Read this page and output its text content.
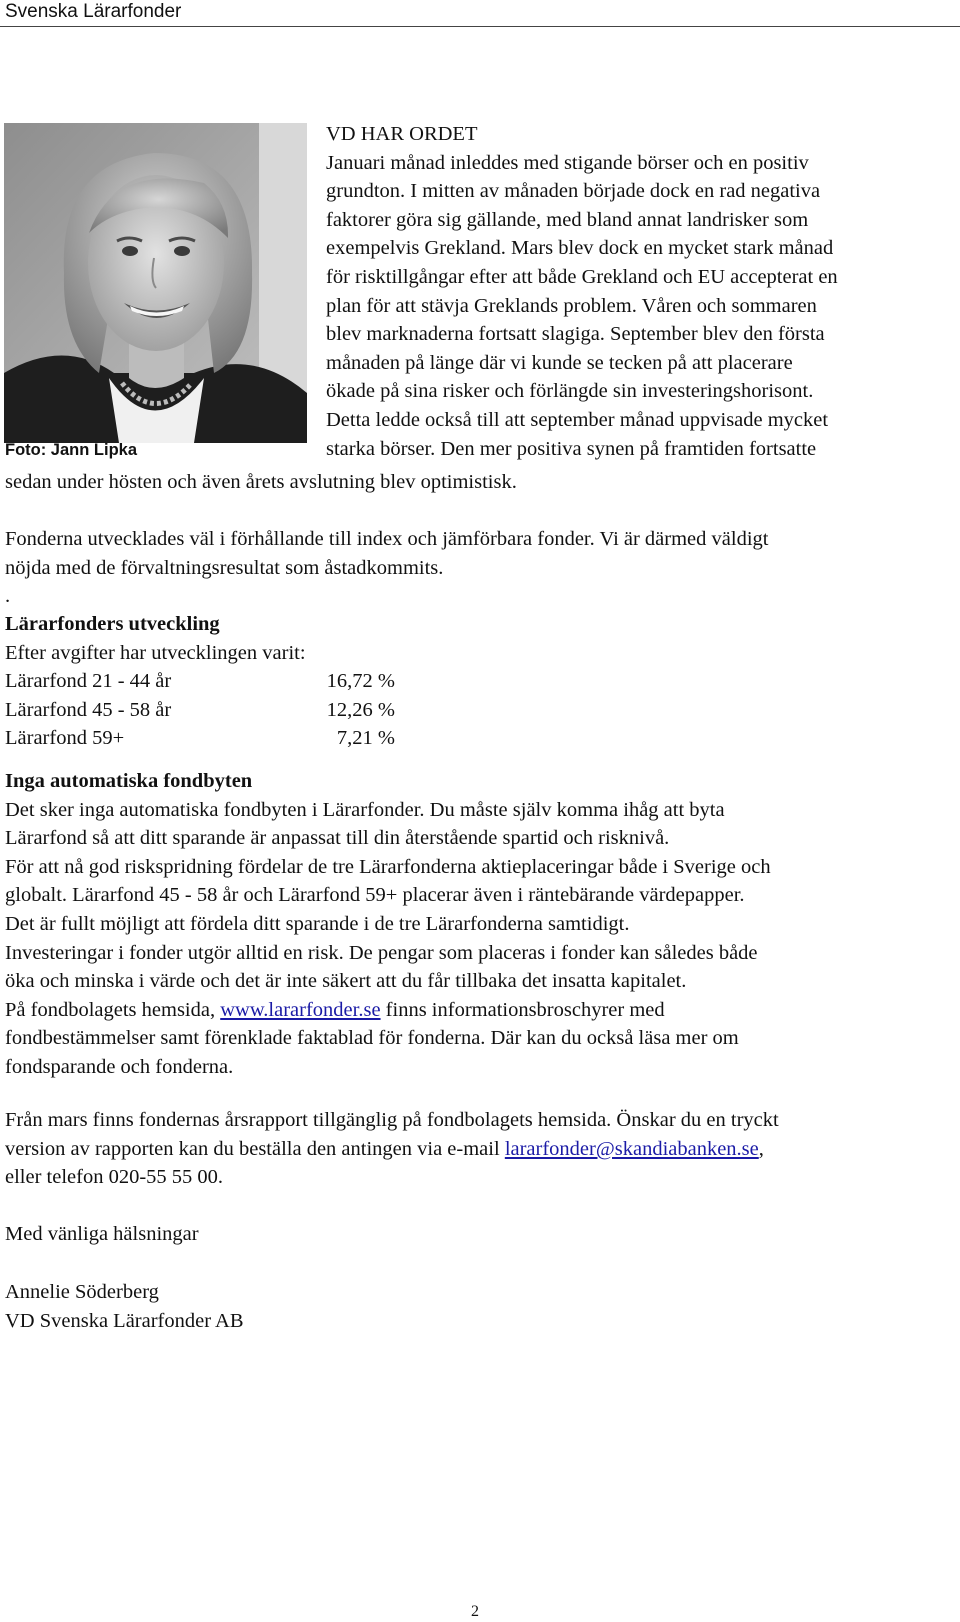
Svenska Lärarfonder
Foto: Jann Lipka

VD HAR ORDET

Januari månad inleddes med stigande börser och en positiv

grundton. I mitten av månaden började dock en rad negativa

faktorer göra sig gällande, med bland annat landrisker som

exempelvis Grekland. Mars blev dock en mycket stark månad

för risktillgångar efter att både Grekland och EU accepterat en

plan för att stävja Greklands problem. Våren och sommaren

blev marknaderna fortsatt slagiga. September blev den första

månaden på länge där vi kunde se tecken på att placerare

ökade på sina risker och förlängde sin investeringshorisont.

Detta ledde också till att september månad uppvisade mycket

starka börser. Den mer positiva synen på framtiden fortsatte

sedan under hösten och även årets avslutning blev optimistisk.

Fonderna utvecklades väl i förhållande till index och jämförbara fonder. Vi är därmed väldigt

nöjda med de förvaltningsresultat som åstadkommits.

.

Lärarfonders utveckling

Efter avgifter har utvecklingen varit:

Lärarfond 21 - 44 år	16,72 %
Lärarfond 45 - 58 år	12,26 %
Lärarfond 59+	7,21 %

Inga automatiska fondbyten

Det sker inga automatiska fondbyten i Lärarfonder. Du måste själv komma ihåg att byta

Lärarfond så att ditt sparande är anpassat till din återstående spartid och risknivå.

För att nå god riskspridning fördelar de tre Lärarfonderna aktieplaceringar både i Sverige och

globalt. Lärarfond 45 - 58 år och Lärarfond 59+ placerar även i räntebärande värdepapper.

Det är fullt möjligt att fördela ditt sparande i de tre Lärarfonderna samtidigt.

Investeringar i fonder utgör alltid en risk. De pengar som placeras i fonder kan således både

öka och minska i värde och det är inte säkert att du får tillbaka det insatta kapitalet.

På fondbolagets hemsida, www.lararfonder.se finns informationsbroschyrer med

fondbestämmelser samt förenklade faktablad för fonderna. Där kan du också läsa mer om

fondsparande och fonderna.

Från mars finns fondernas årsrapport tillgänglig på fondbolagets hemsida. Önskar du en tryckt

version av rapporten kan du beställa den antingen via e-mail lararfonder@skandiabanken.se,

eller telefon 020-55 55 00.

Med vänliga hälsningar

Annelie Söderberg

VD Svenska Lärarfonder AB

2
